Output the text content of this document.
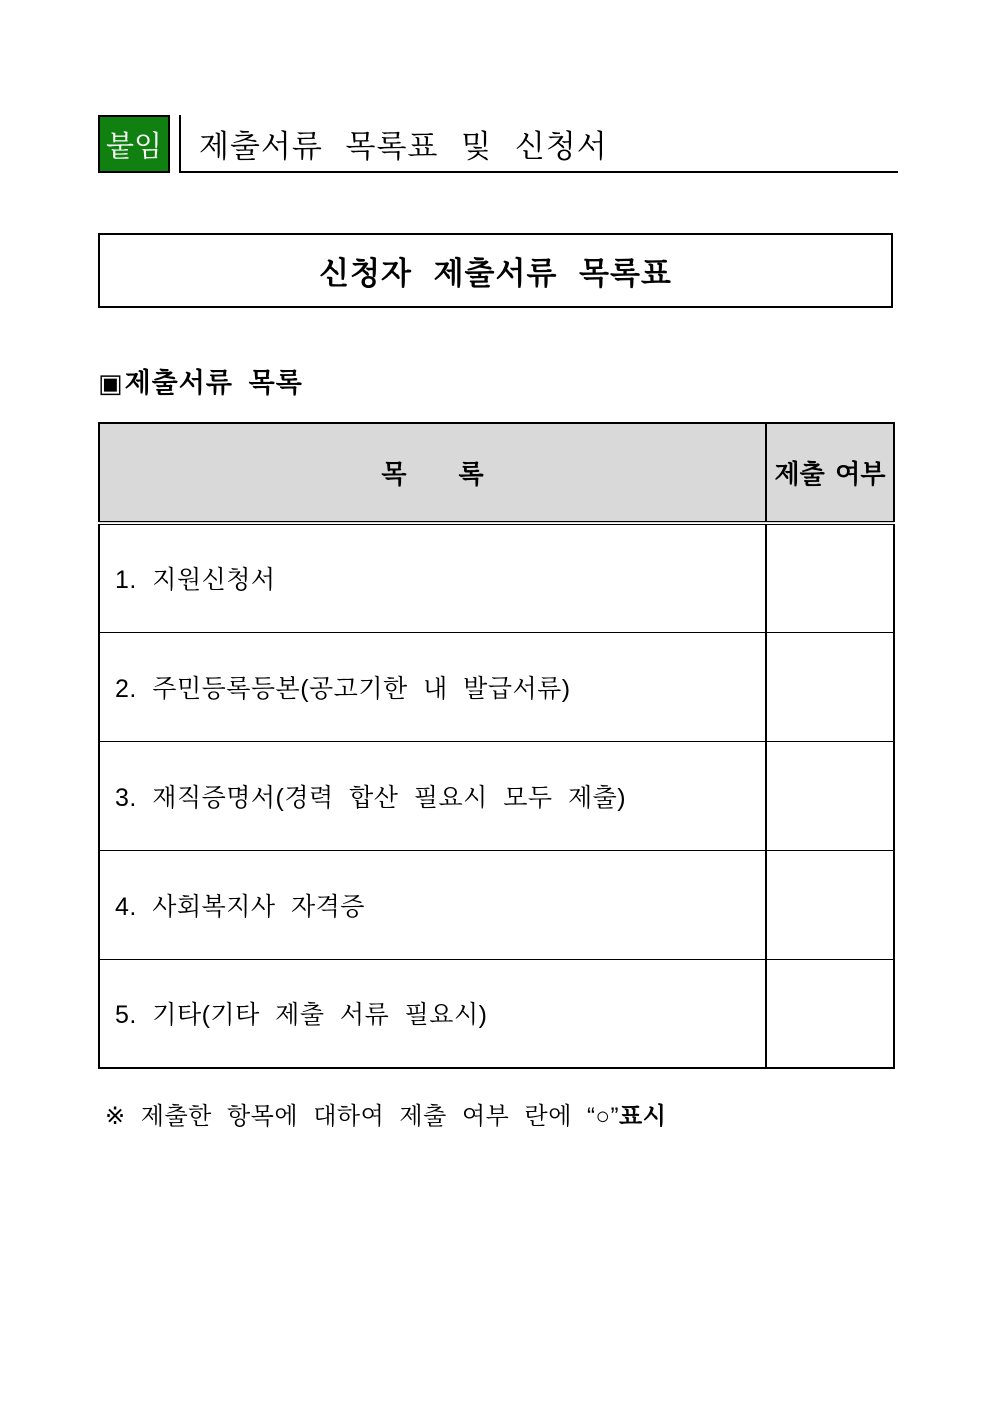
붙임 제출서류 목록표 및 신청서
신청자 제출서류 목록표
▣제출서류 목록
목　　록	제출 여부
1. 지원신청서	
2. 주민등록등본(공고기한 내 발급서류)	
3. 재직증명서(경력 합산 필요시 모두 제출)	
4. 사회복지사 자격증	
5. 기타(기타 제출 서류 필요시)	
※ 제출한 항목에 대하여 제출 여부 란에 “○”표시
